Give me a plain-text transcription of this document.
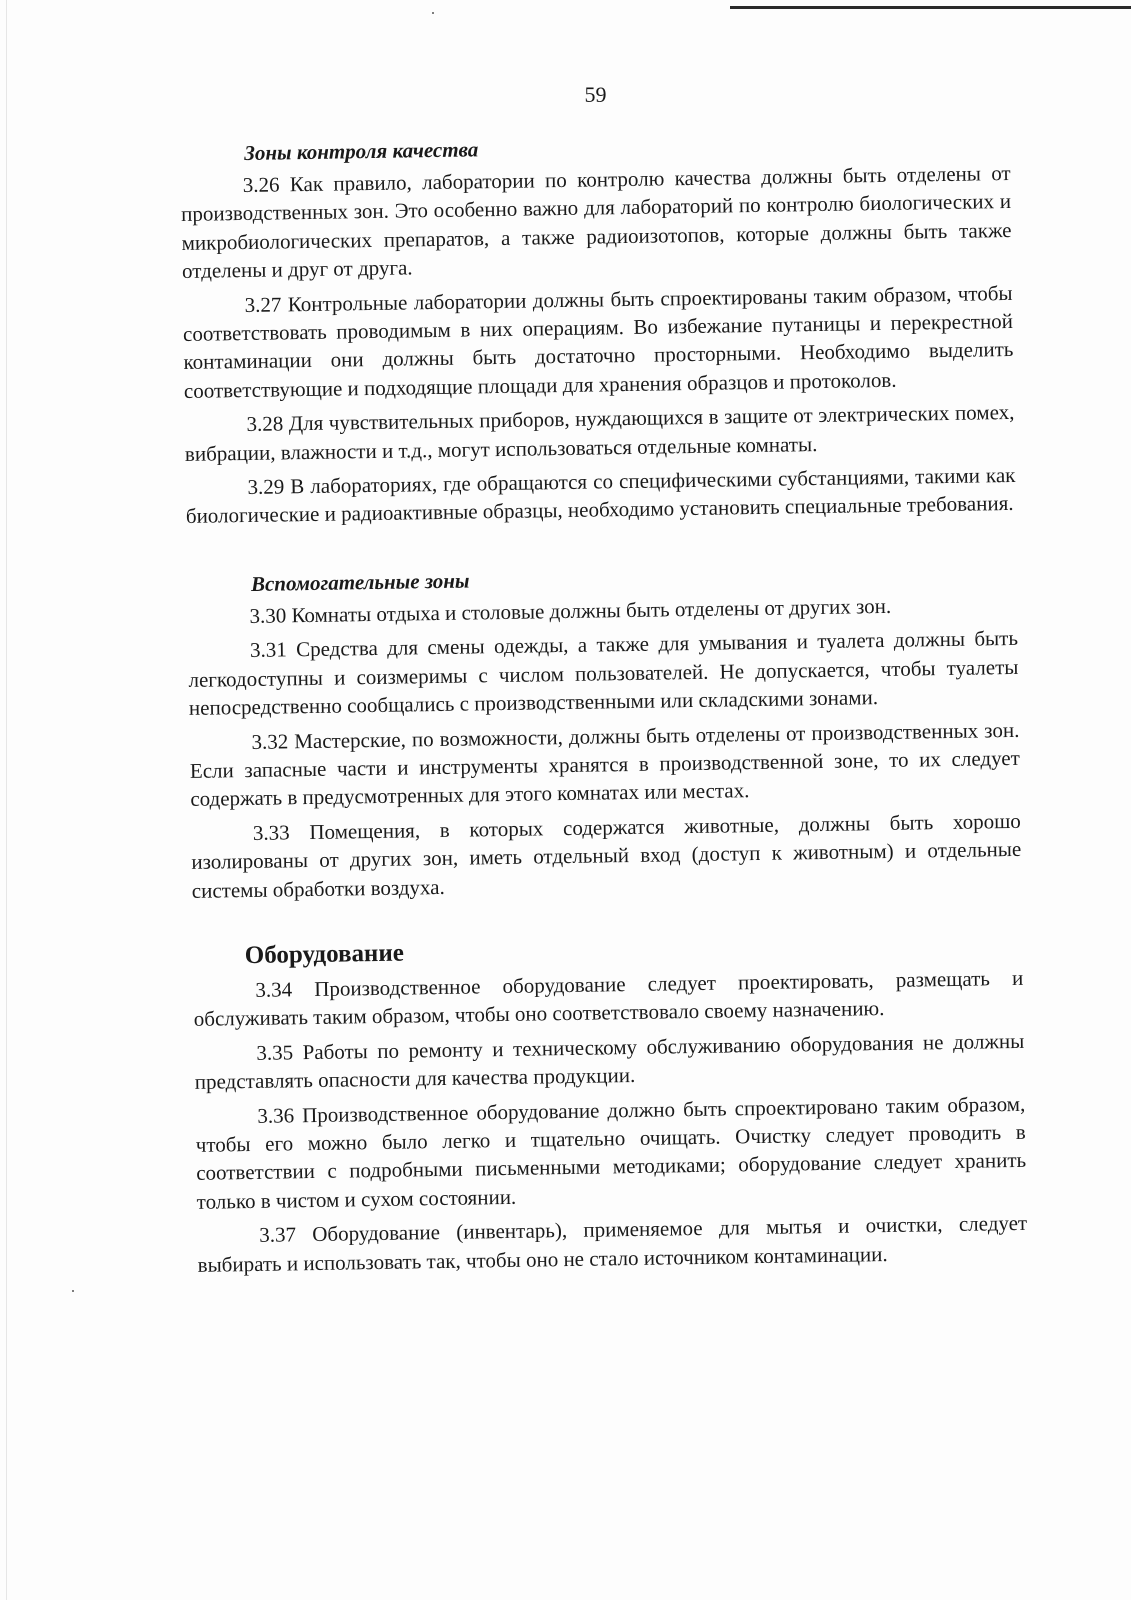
59
Зоны контроля качества

3.26 Как правило, лаборатории по контролю качества должны быть отделены от производственных зон. Это особенно важно для лабораторий по контролю биологических и микробиологических препаратов, а также радиоизотопов, которые должны быть также отделены и друг от друга.

3.27 Контрольные лаборатории должны быть спроектированы таким образом, чтобы соответствовать проводимым в них операциям. Во избежание путаницы и перекрестной контаминации они должны быть достаточно просторными. Необходимо выделить соответствующие и подходящие площади для хранения образцов и протоколов.

3.28 Для чувствительных приборов, нуждающихся в защите от электрических помех, вибрации, влажности и т.д., могут использоваться отдельные комнаты.

3.29 В лабораториях, где обращаются со специфическими субстанциями, такими как биологические и радиоактивные образцы, необходимо установить специальные требования.

Вспомогательные зоны

3.30 Комнаты отдыха и столовые должны быть отделены от других зон.

3.31 Средства для смены одежды, а также для умывания и туалета должны быть легкодоступны и соизмеримы с числом пользователей. Не допускается, чтобы туалеты непосредственно сообщались с производственными или складскими зонами.

3.32 Мастерские, по возможности, должны быть отделены от производственных зон. Если запасные части и инструменты хранятся в производственной зоне, то их следует содержать в предусмотренных для этого комнатах или местах.

3.33 Помещения, в которых содержатся животные, должны быть хорошо изолированы от других зон, иметь отдельный вход (доступ к животным) и отдельные системы обработки воздуха.

Оборудование

3.34 Производственное оборудование следует проектировать, размещать и обслуживать таким образом, чтобы оно соответствовало своему назначению.

3.35 Работы по ремонту и техническому обслуживанию оборудования не должны представлять опасности для качества продукции.

3.36 Производственное оборудование должно быть спроектировано таким образом, чтобы его можно было легко и тщательно очищать. Очистку следует проводить в соответствии с подробными письменными методиками; оборудование следует хранить только в чистом и сухом состоянии.

3.37 Оборудование (инвентарь), применяемое для мытья и очистки, следует выбирать и использовать так, чтобы оно не стало источником контаминации.
